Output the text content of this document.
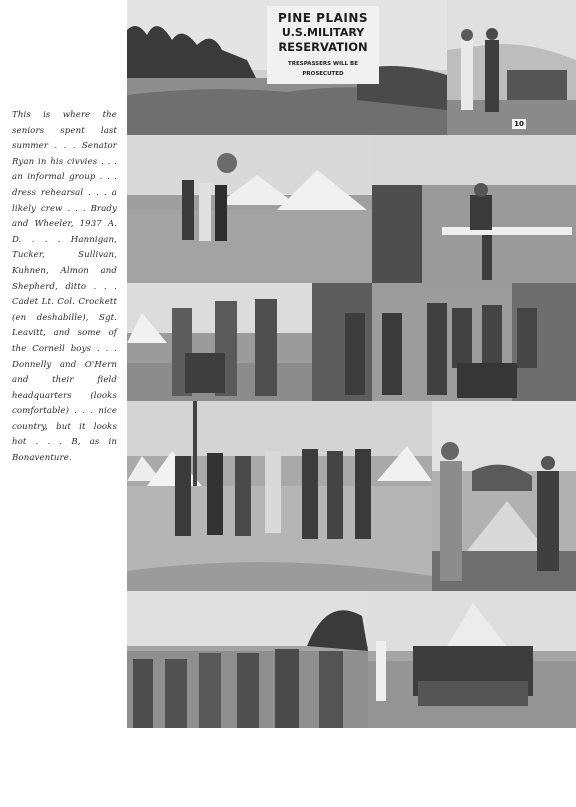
This is where the seniors spent last summer . . . Senator Ryan in his civvies . . . an informal group . . . dress rehearsal . . . a likely crew . . . Brady and Wheeler, 1937 A. D. . . . Hannigan, Tucker, Sullivan, Kuhnen, Almon and Shepherd, ditto . . . Cadet Lt. Col. Crockett (en deshabille), Sgt. Leavitt, and some of the Cornell boys . . . Donnelly and O'Hern and their field headquarters (looks comfortable) . . . nice country, but it looks hot . . . B, as in Bonaventure.
PINE PLAINS
U.S.MILITARY
RESERVATION
TRESPASSERS WILL BE PROSECUTED
10
